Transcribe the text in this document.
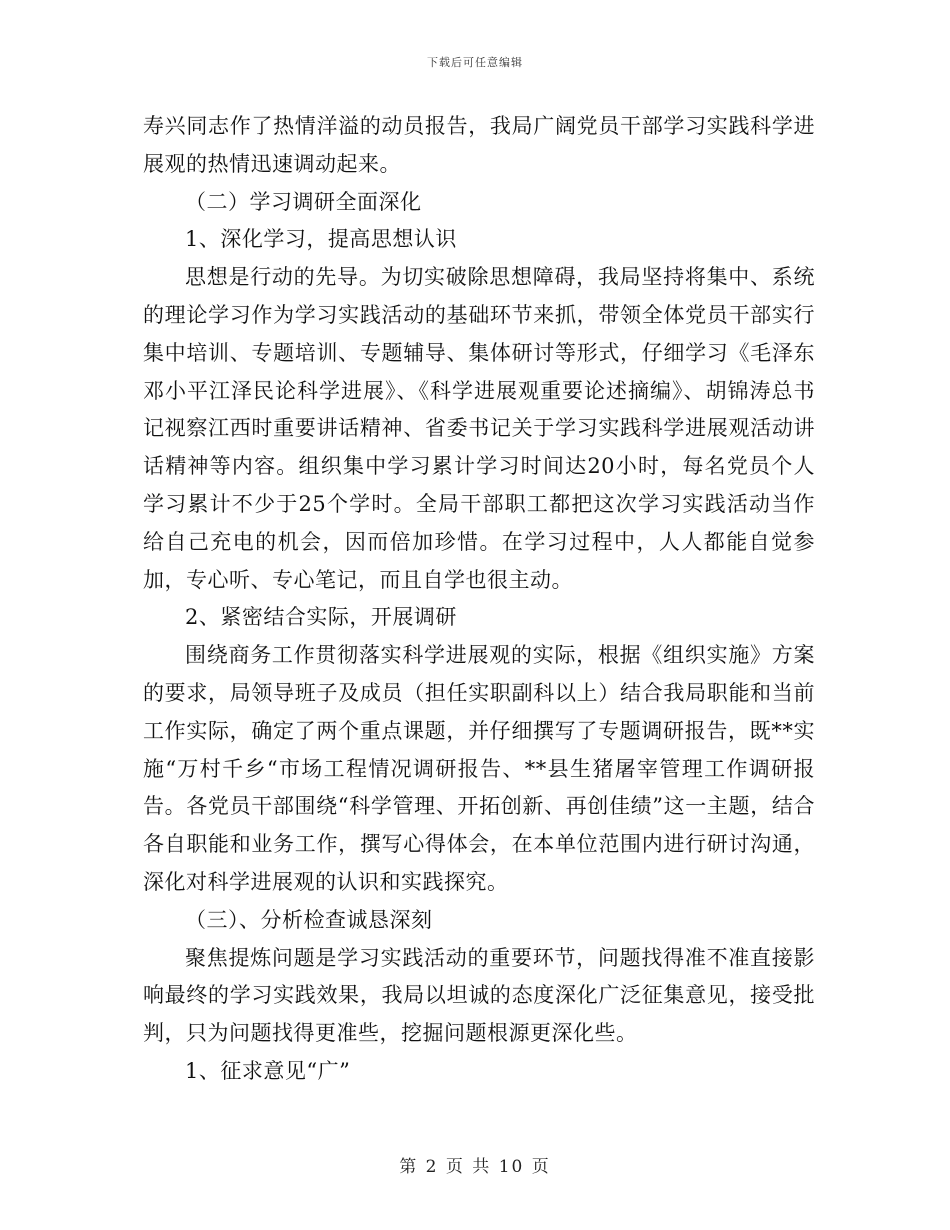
下载后可任意编辑

寿兴同志作了热情洋溢的动员报告，我局广阔党员干部学习实践科学进展观的热情迅速调动起来。

（二）学习调研全面深化

1、深化学习，提高思想认识

思想是行动的先导。为切实破除思想障碍，我局坚持将集中、系统的理论学习作为学习实践活动的基础环节来抓，带领全体党员干部实行集中培训、专题培训、专题辅导、集体研讨等形式，仔细学习《毛泽东邓小平江泽民论科学进展》、《科学进展观重要论述摘编》、胡锦涛总书记视察江西时重要讲话精神、省委书记关于学习实践科学进展观活动讲话精神等内容。组织集中学习累计学习时间达20小时，每名党员个人学习累计不少于25个学时。全局干部职工都把这次学习实践活动当作给自己充电的机会，因而倍加珍惜。在学习过程中，人人都能自觉参加，专心听、专心笔记，而且自学也很主动。

2、紧密结合实际，开展调研

围绕商务工作贯彻落实科学进展观的实际，根据《组织实施》方案的要求，局领导班子及成员（担任实职副科以上）结合我局职能和当前工作实际，确定了两个重点课题，并仔细撰写了专题调研报告，既**实施“万村千乡“市场工程情况调研报告、**县生猪屠宰管理工作调研报告。各党员干部围绕“科学管理、开拓创新、再创佳绩”这一主题，结合各自职能和业务工作，撰写心得体会，在本单位范围内进行研讨沟通，深化对科学进展观的认识和实践探究。

（三）、分析检查诚恳深刻

聚焦提炼问题是学习实践活动的重要环节，问题找得准不准直接影响最终的学习实践效果，我局以坦诚的态度深化广泛征集意见，接受批判，只为问题找得更准些，挖掘问题根源更深化些。

1、征求意见“广”

第 2 页 共 10 页
